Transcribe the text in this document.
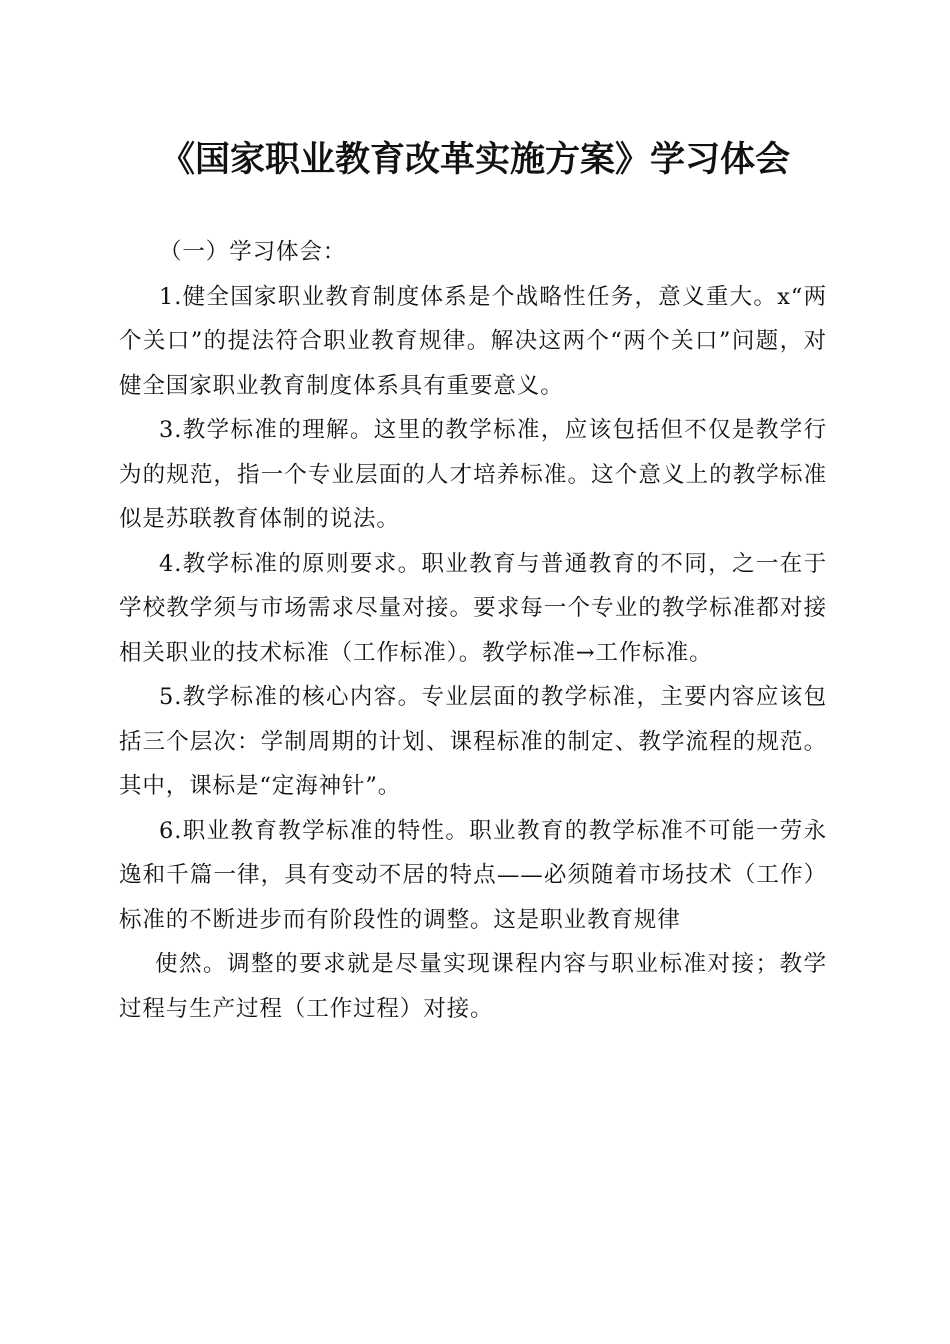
《国家职业教育改革实施方案》学习体会

（一）学习体会：

1.健全国家职业教育制度体系是个战略性任务，意义重大。x“两个关口”的提法符合职业教育规律。解决这两个“两个关口”问题，对健全国家职业教育制度体系具有重要意义。

3.教学标准的理解。这里的教学标准，应该包括但不仅是教学行为的规范，指一个专业层面的人才培养标准。这个意义上的教学标准似是苏联教育体制的说法。

4.教学标准的原则要求。职业教育与普通教育的不同，之一在于学校教学须与市场需求尽量对接。要求每一个专业的教学标准都对接相关职业的技术标准（工作标准）。教学标准→工作标准。

5.教学标准的核心内容。专业层面的教学标准，主要内容应该包括三个层次：学制周期的计划、课程标准的制定、教学流程的规范。其中，课标是“定海神针”。

6.职业教育教学标准的特性。职业教育的教学标准不可能一劳永逸和千篇一律，具有变动不居的特点——必须随着市场技术（工作）标准的不断进步而有阶段性的调整。这是职业教育规律

使然。调整的要求就是尽量实现课程内容与职业标准对接；教学过程与生产过程（工作过程）对接。
